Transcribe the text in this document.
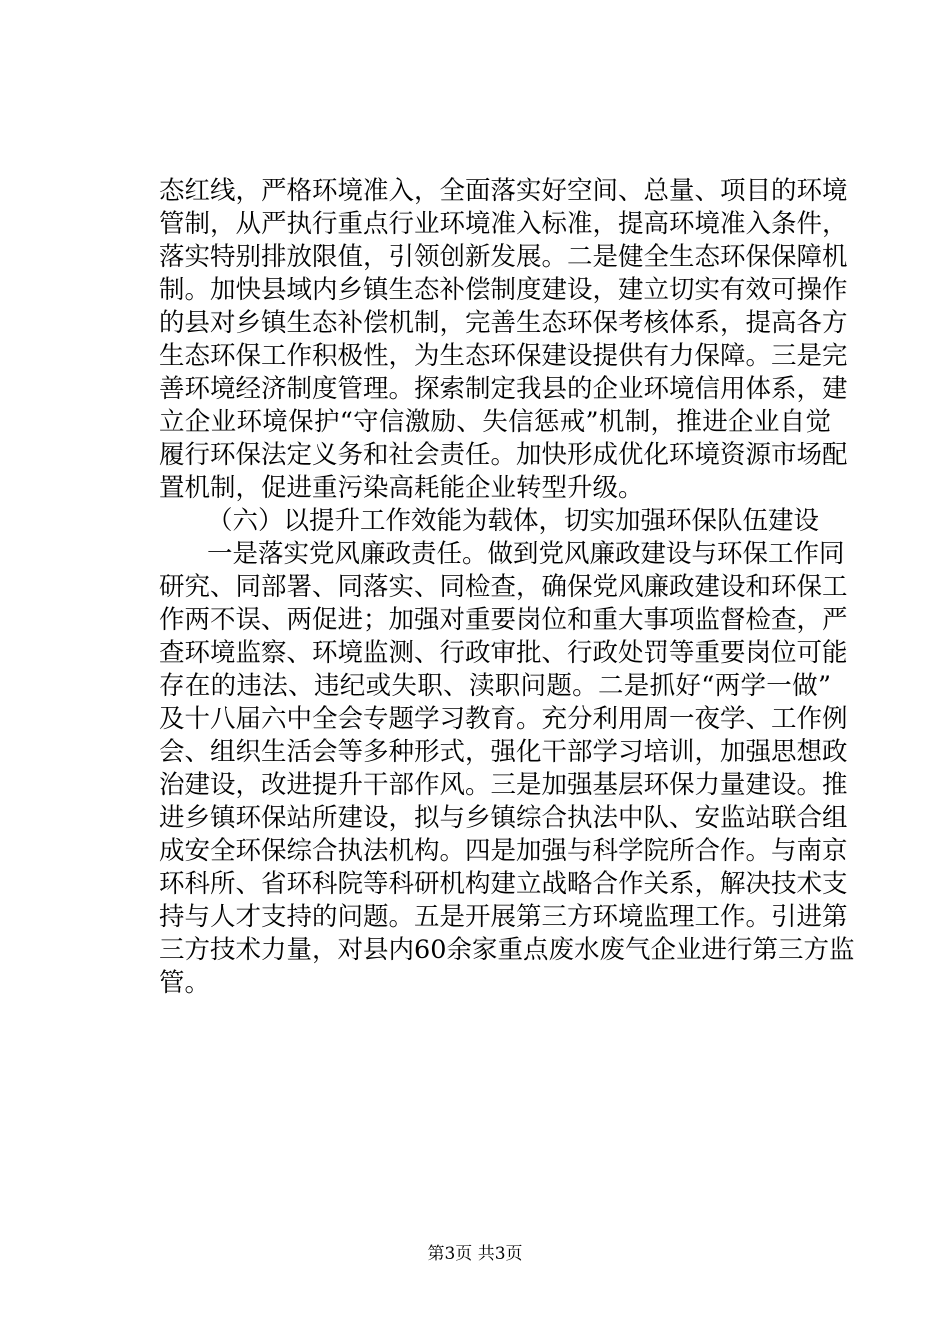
态红线，严格环境准入，全面落实好空间、总量、项目的环境
管制，从严执行重点行业环境准入标准，提高环境准入条件，
落实特别排放限值，引领创新发展。二是健全生态环保保障机
制。加快县域内乡镇生态补偿制度建设，建立切实有效可操作
的县对乡镇生态补偿机制，完善生态环保考核体系，提高各方
生态环保工作积极性，为生态环保建设提供有力保障。三是完
善环境经济制度管理。探索制定我县的企业环境信用体系，建
立企业环境保护“守信激励、失信惩戒”机制，推进企业自觉
履行环保法定义务和社会责任。加快形成优化环境资源市场配
置机制，促进重污染高耗能企业转型升级。
（六）以提升工作效能为载体，切实加强环保队伍建设
一是落实党风廉政责任。做到党风廉政建设与环保工作同
研究、同部署、同落实、同检查，确保党风廉政建设和环保工
作两不误、两促进；加强对重要岗位和重大事项监督检查，严
查环境监察、环境监测、行政审批、行政处罚等重要岗位可能
存在的违法、违纪或失职、渎职问题。二是抓好“两学一做”
及十八届六中全会专题学习教育。充分利用周一夜学、工作例
会、组织生活会等多种形式，强化干部学习培训，加强思想政
治建设，改进提升干部作风。三是加强基层环保力量建设。推
进乡镇环保站所建设，拟与乡镇综合执法中队、安监站联合组
成安全环保综合执法机构。四是加强与科学院所合作。与南京
环科所、省环科院等科研机构建立战略合作关系，解决技术支
持与人才支持的问题。五是开展第三方环境监理工作。引进第
三方技术力量，对县内60余家重点废水废气企业进行第三方监
管。
第3页 共3页
